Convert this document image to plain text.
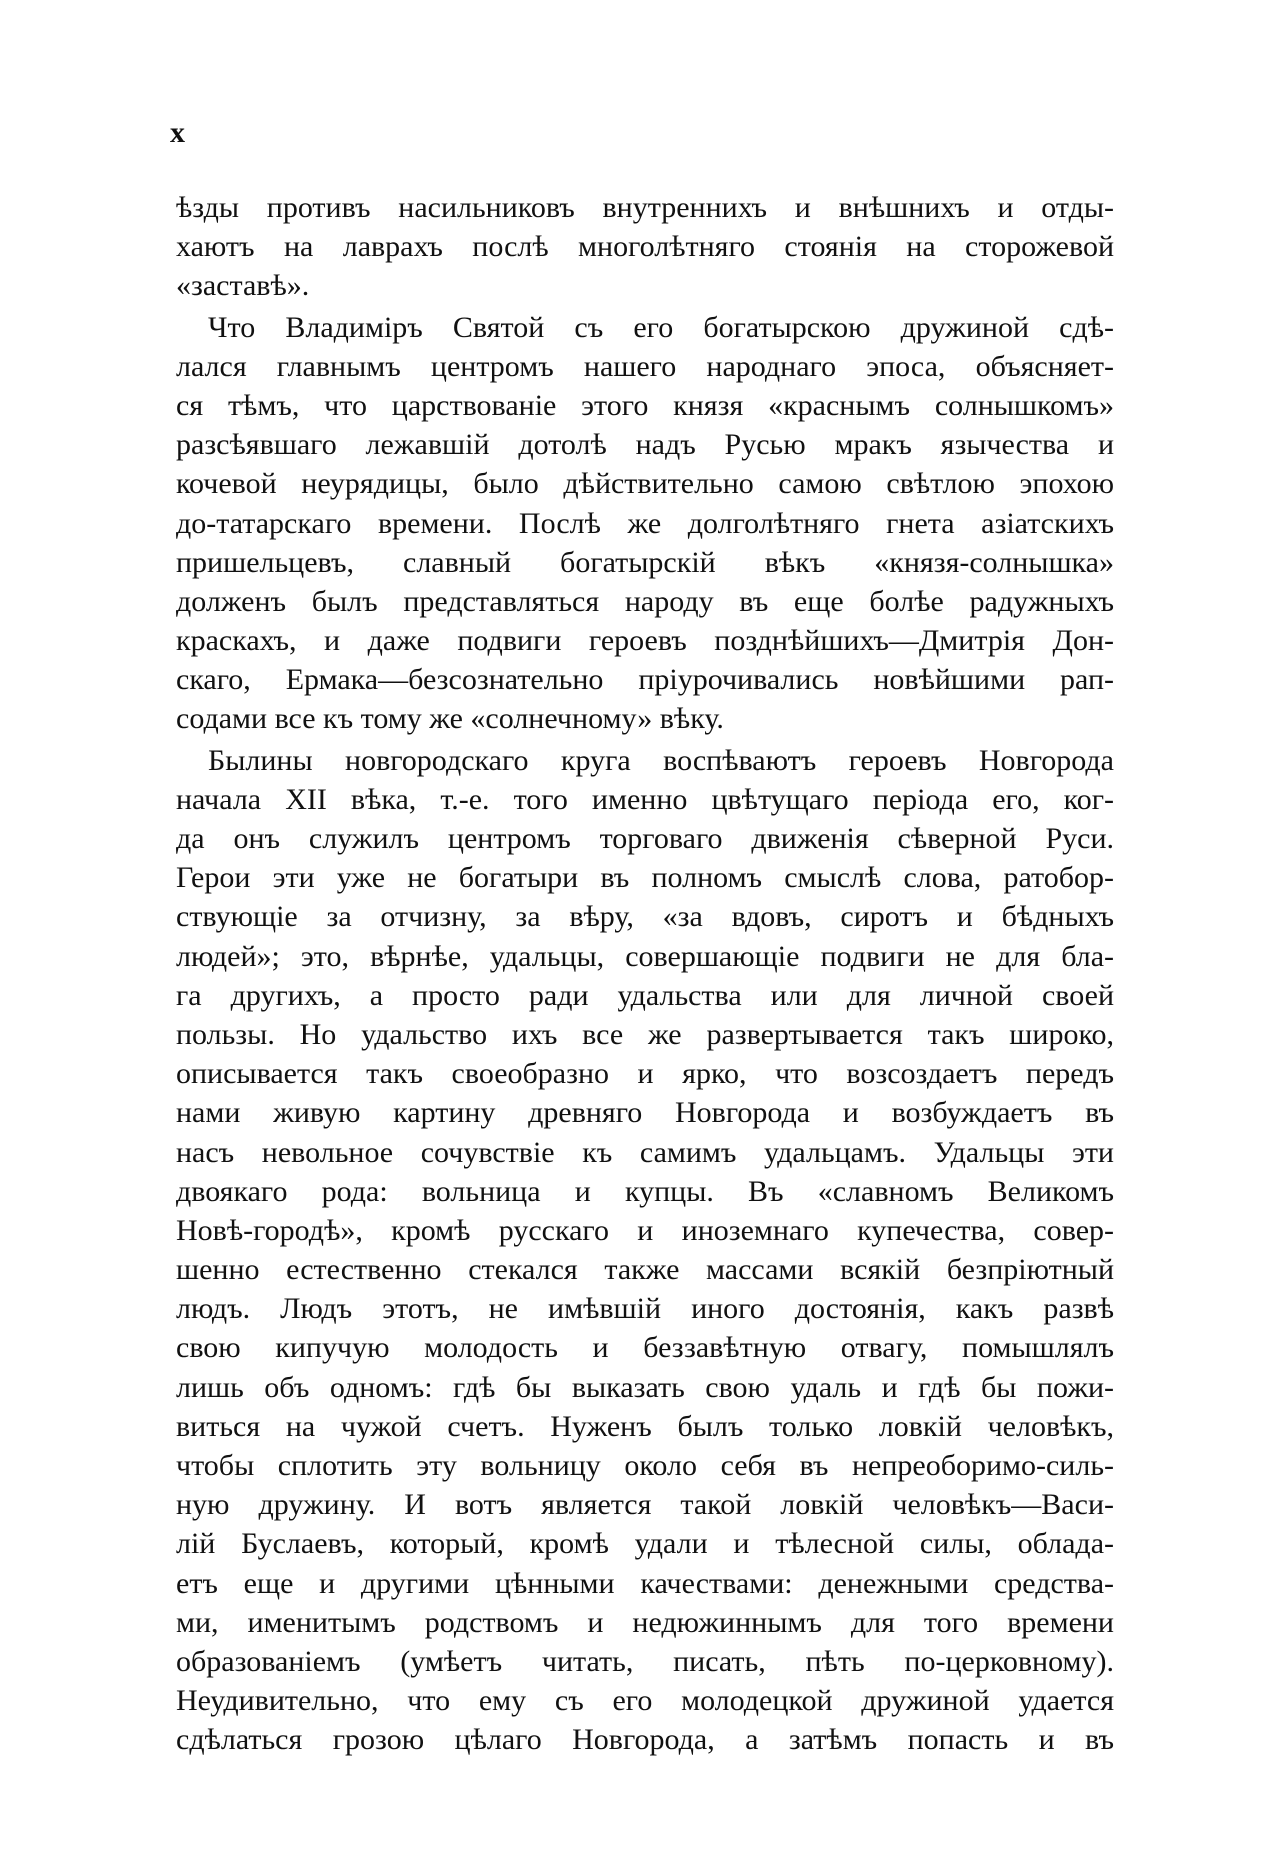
x
ѣзды противъ насильниковъ внутреннихъ и внѣшнихъ и отды-
хаютъ на лаврахъ послѣ многолѣтняго стоянія на сторожевой
«заставѣ».
Что Владиміръ Святой съ его богатырскою дружиной сдѣ-
лался главнымъ центромъ нашего народнаго эпоса, объясняет-
ся тѣмъ, что царствованіе этого князя «краснымъ солнышкомъ»
разсѣявшаго лежавшій дотолѣ надъ Русью мракъ язычества и
кочевой неурядицы, было дѣйствительно самою свѣтлою эпохою
до-татарскаго времени. Послѣ же долголѣтняго гнета азіатскихъ
пришельцевъ, славный богатырскій вѣкъ «князя-солнышка»
долженъ былъ представляться народу въ еще болѣе радужныхъ
краскахъ, и даже подвиги героевъ позднѣйшихъ—Дмитрія Дон-
скаго, Ермака—безсознательно пріурочивались новѣйшими рап-
содами все къ тому же «солнечному» вѣку.
Былины новгородскаго круга воспѣваютъ героевъ Новгорода
начала XII вѣка, т.-е. того именно цвѣтущаго періода его, ког-
да онъ служилъ центромъ торговаго движенія сѣверной Руси.
Герои эти уже не богатыри въ полномъ смыслѣ слова, ратобор-
ствующіе за отчизну, за вѣру, «за вдовъ, сиротъ и бѣдныхъ
людей»; это, вѣрнѣе, удальцы, совершающіе подвиги не для бла-
га другихъ, а просто ради удальства или для личной своей
пользы. Но удальство ихъ все же развертывается такъ широко,
описывается такъ своеобразно и ярко, что возсоздаетъ передъ
нами живую картину древняго Новгорода и возбуждаетъ въ
насъ невольное сочувствіе къ самимъ удальцамъ. Удальцы эти
двоякаго рода: вольница и купцы. Въ «славномъ Великомъ
Новѣ-городѣ», кромѣ русскаго и иноземнаго купечества, совер-
шенно естественно стекался также массами всякій безпріютный
людъ. Людъ этотъ, не имѣвшій иного достоянія, какъ развѣ
свою кипучую молодость и беззавѣтную отвагу, помышлялъ
лишь объ одномъ: гдѣ бы выказать свою удаль и гдѣ бы пожи-
виться на чужой счетъ. Нуженъ былъ только ловкій человѣкъ,
чтобы сплотить эту вольницу около себя въ непреоборимо-силь-
ную дружину. И вотъ является такой ловкій человѣкъ—Васи-
лій Буслаевъ, который, кромѣ удали и тѣлесной силы, облада-
етъ еще и другими цѣнными качествами: денежными средства-
ми, именитымъ родствомъ и недюжиннымъ для того времени
образованіемъ (умѣетъ читать, писать, пѣть по-церковному).
Неудивительно, что ему съ его молодецкой дружиной удается
сдѣлаться грозою цѣлаго Новгорода, а затѣмъ попасть и въ
